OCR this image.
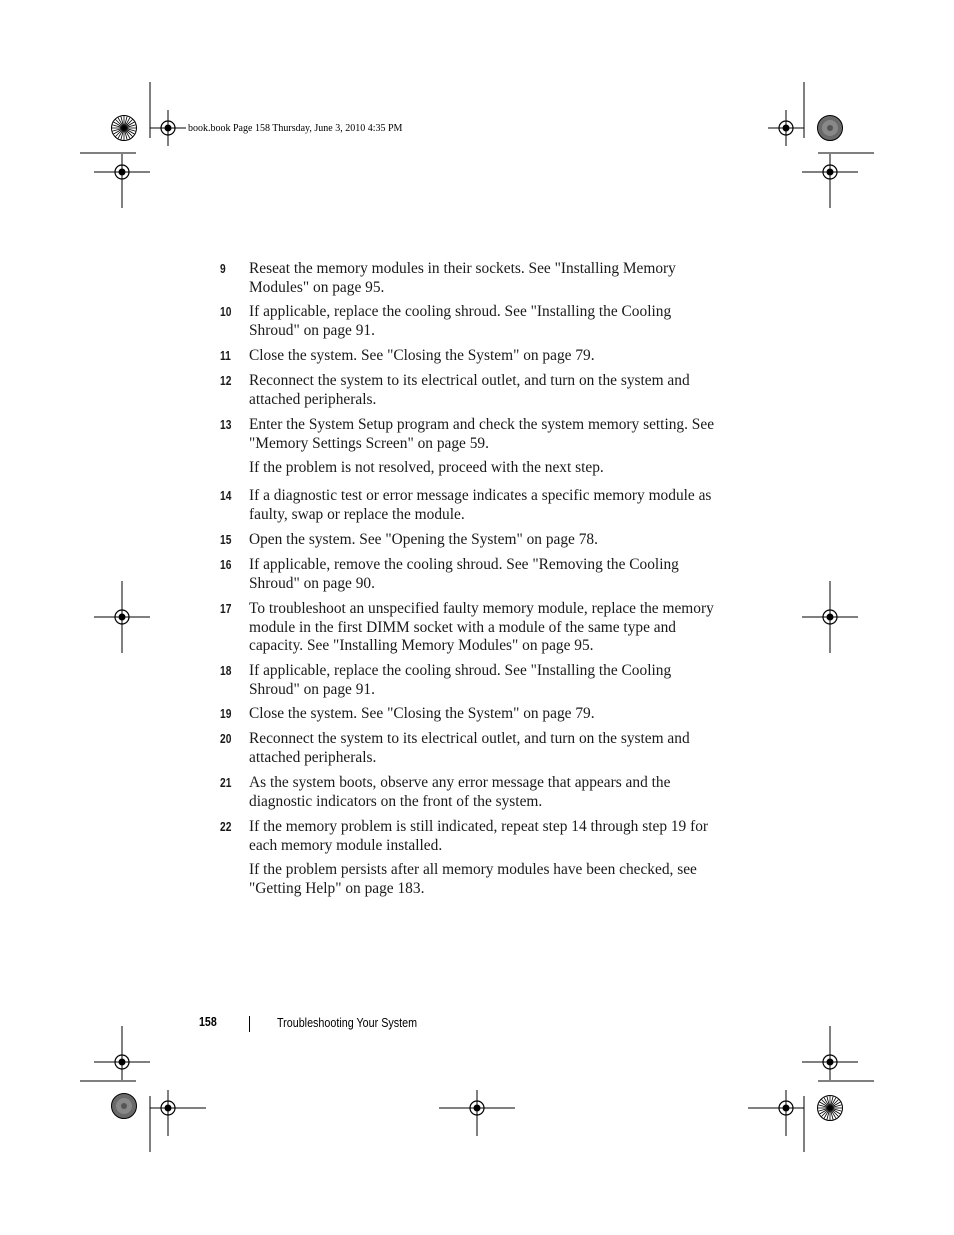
book.book Page 158 Thursday, June 3, 2010 4:35 PM
9 Reseat the memory modules in their sockets. See "Installing Memory Modules" on page 95.
10 If applicable, replace the cooling shroud. See "Installing the Cooling Shroud" on page 91.
11 Close the system. See "Closing the System" on page 79.
12 Reconnect the system to its electrical outlet, and turn on the system and attached peripherals.
13 Enter the System Setup program and check the system memory setting. See "Memory Settings Screen" on page 59.
If the problem is not resolved, proceed with the next step.
14 If a diagnostic test or error message indicates a specific memory module as faulty, swap or replace the module.
15 Open the system. See "Opening the System" on page 78.
16 If applicable, remove the cooling shroud. See "Removing the Cooling Shroud" on page 90.
17 To troubleshoot an unspecified faulty memory module, replace the memory module in the first DIMM socket with a module of the same type and capacity. See "Installing Memory Modules" on page 95.
18 If applicable, replace the cooling shroud. See "Installing the Cooling Shroud" on page 91.
19 Close the system. See "Closing the System" on page 79.
20 Reconnect the system to its electrical outlet, and turn on the system and attached peripherals.
21 As the system boots, observe any error message that appears and the diagnostic indicators on the front of the system.
22 If the memory problem is still indicated, repeat step 14 through step 19 for each memory module installed.
If the problem persists after all memory modules have been checked, see "Getting Help" on page 183.
158	Troubleshooting Your System
